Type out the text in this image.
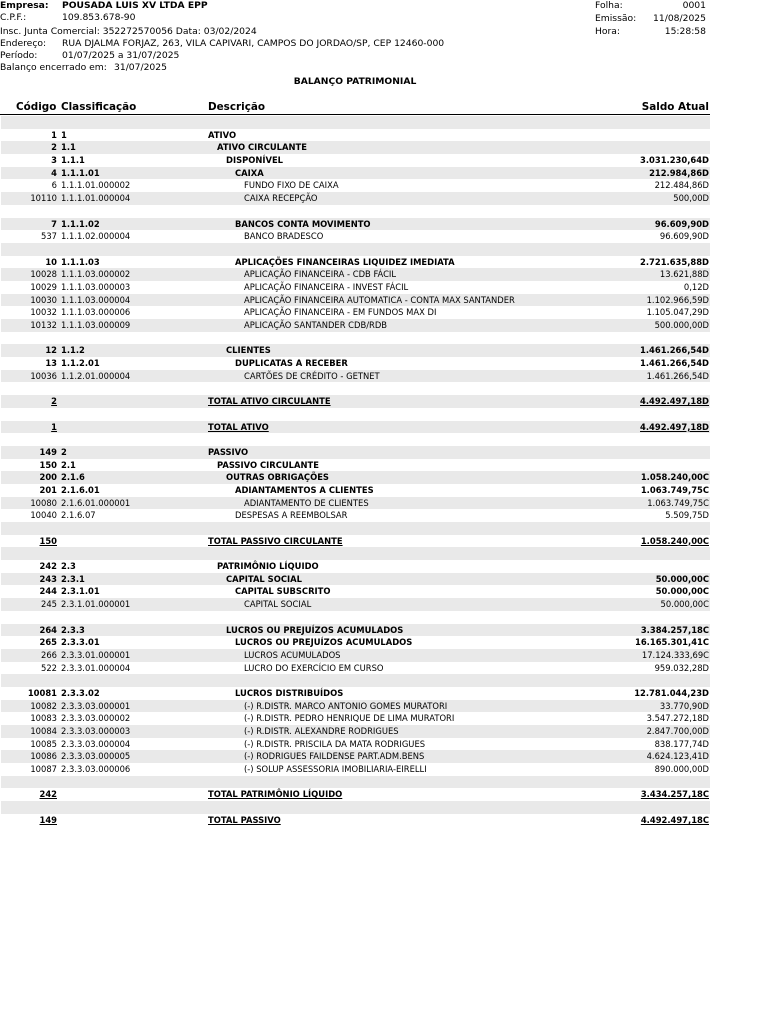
Empresa: POUSADA LUIS XV LTDA EPP
C.P.F.:	109.853.678-90
Insc. Junta Comercial: 352272570056 Data: 03/02/2024
Endereço: RUA DJALMA FORJAZ, 263, VILA CAPIVARI, CAMPOS DO JORDAO/SP, CEP 12460-000
Período:	01/07/2025 a 31/07/2025
Balanço encerrado em: 31/07/2025
Folha:	0001
Emissão:	11/08/2025
Hora:	15:28:58
BALANÇO PATRIMONIAL
Código Classificação	Descrição	Saldo Atual
1 1	ATIVO
2 1.1	ATIVO CIRCULANTE
3 1.1.1	DISPONÍVEL	3.031.230,64D
4 1.1.1.01	CAIXA	212.984,86D
6 1.1.1.01.000002	FUNDO FIXO DE CAIXA	212.484,86D
10110 1.1.1.01.000004	CAIXA RECEPÇÃO	500,00D
7 1.1.1.02	BANCOS CONTA MOVIMENTO	96.609,90D
537 1.1.1.02.000004	BANCO BRADESCO	96.609,90D
10 1.1.1.03	APLICAÇÕES FINANCEIRAS LIQUIDEZ IMEDIATA	2.721.635,88D
10028 1.1.1.03.000002	APLICAÇÃO FINANCEIRA - CDB FÁCIL	13.621,88D
10029 1.1.1.03.000003	APLICAÇÃO FINANCEIRA - INVEST FÁCIL	0,12D
10030 1.1.1.03.000004	APLICAÇÃO FINANCEIRA AUTOMATICA - CONTA MAX SANTANDER	1.102.966,59D
10032 1.1.1.03.000006	APLICAÇÃO FINANCEIRA - EM FUNDOS MAX DI	1.105.047,29D
10132 1.1.1.03.000009	APLICAÇÃO SANTANDER CDB/RDB	500.000,00D
12 1.1.2	CLIENTES	1.461.266,54D
13 1.1.2.01	DUPLICATAS A RECEBER	1.461.266,54D
10036 1.1.2.01.000004	CARTÕES DE CRÉDITO - GETNET	1.461.266,54D
2	TOTAL ATIVO CIRCULANTE	4.492.497,18D
1	TOTAL ATIVO	4.492.497,18D
149 2	PASSIVO
150 2.1	PASSIVO CIRCULANTE
200 2.1.6	OUTRAS OBRIGAÇÕES	1.058.240,00C
201 2.1.6.01	ADIANTAMENTOS A CLIENTES	1.063.749,75C
10080 2.1.6.01.000001	ADIANTAMENTO DE CLIENTES	1.063.749,75C
10040 2.1.6.07	DESPESAS A REEMBOLSAR	5.509,75D
150	TOTAL PASSIVO CIRCULANTE	1.058.240,00C
242 2.3	PATRIMÔNIO LÍQUIDO
243 2.3.1	CAPITAL SOCIAL	50.000,00C
244 2.3.1.01	CAPITAL SUBSCRITO	50.000,00C
245 2.3.1.01.000001	CAPITAL SOCIAL	50.000,00C
264 2.3.3	LUCROS OU PREJUÍZOS ACUMULADOS	3.384.257,18C
265 2.3.3.01	LUCROS OU PREJUÍZOS ACUMULADOS	16.165.301,41C
266 2.3.3.01.000001	LUCROS ACUMULADOS	17.124.333,69C
522 2.3.3.01.000004	LUCRO DO EXERCÍCIO EM CURSO	959.032,28D
10081 2.3.3.02	LUCROS DISTRIBUÍDOS	12.781.044,23D
10082 2.3.3.03.000001	(-) R.DISTR. MARCO ANTONIO GOMES MURATORI	33.770,90D
10083 2.3.3.03.000002	(-) R.DISTR. PEDRO HENRIQUE DE LIMA MURATORI	3.547.272,18D
10084 2.3.3.03.000003	(-) R.DISTR. ALEXANDRE RODRIGUES	2.847.700,00D
10085 2.3.3.03.000004	(-) R.DISTR. PRISCILA DA MATA RODRIGUES	838.177,74D
10086 2.3.3.03.000005	(-) RODRIGUES FAILDENSE PART.ADM.BENS	4.624.123,41D
10087 2.3.3.03.000006	(-) SOLUP ASSESSORIA IMOBILIARIA-EIRELLI	890.000,00D
242	TOTAL PATRIMÔNIO LÍQUIDO	3.434.257,18C
149	TOTAL PASSIVO	4.492.497,18C
